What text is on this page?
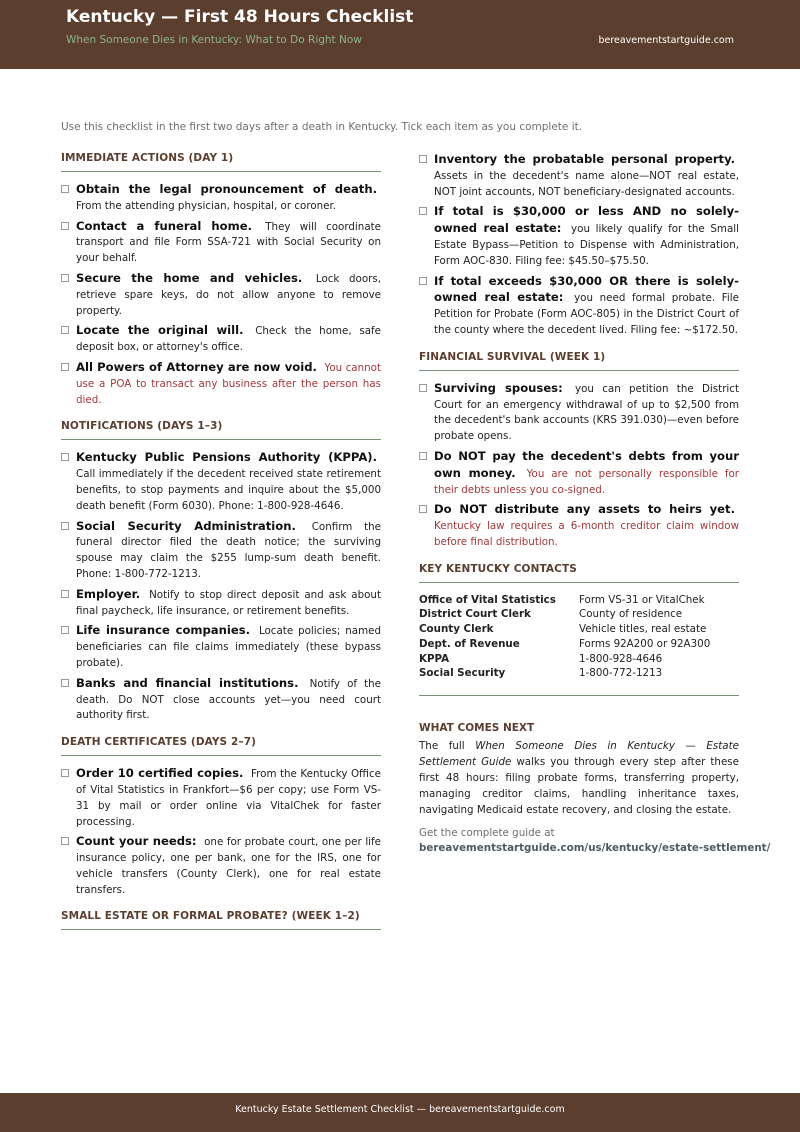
Kentucky — First 48 Hours Checklist
When Someone Dies in Kentucky: What to Do Right Now	bereavementstartguide.com
Use this checklist in the first two days after a death in Kentucky. Tick each item as you complete it.
IMMEDIATE ACTIONS (DAY 1)
Obtain the legal pronouncement of death. From the attending physician, hospital, or coroner.
Contact a funeral home. They will coordinate transport and file Form SSA-721 with Social Security on your behalf.
Secure the home and vehicles. Lock doors, retrieve spare keys, do not allow anyone to remove property.
Locate the original will. Check the home, safe deposit box, or attorney's office.
All Powers of Attorney are now void. You cannot use a POA to transact any business after the person has died.
NOTIFICATIONS (DAYS 1–3)
Kentucky Public Pensions Authority (KPPA). Call immediately if the decedent received state retirement benefits, to stop payments and inquire about the $5,000 death benefit (Form 6030). Phone: 1-800-928-4646.
Social Security Administration. Confirm the funeral director filed the death notice; the surviving spouse may claim the $255 lump-sum death benefit. Phone: 1-800-772-1213.
Employer. Notify to stop direct deposit and ask about final paycheck, life insurance, or retirement benefits.
Life insurance companies. Locate policies; named beneficiaries can file claims immediately (these bypass probate).
Banks and financial institutions. Notify of the death. Do NOT close accounts yet—you need court authority first.
DEATH CERTIFICATES (DAYS 2–7)
Order 10 certified copies. From the Kentucky Office of Vital Statistics in Frankfort—$6 per copy; use Form VS-31 by mail or order online via VitalChek for faster processing.
Count your needs: one for probate court, one per life insurance policy, one per bank, one for the IRS, one for vehicle transfers (County Clerk), one for real estate transfers.
SMALL ESTATE OR FORMAL PROBATE? (WEEK 1–2)
Inventory the probatable personal property. Assets in the decedent's name alone—NOT real estate, NOT joint accounts, NOT beneficiary-designated accounts.
If total is $30,000 or less AND no solely-owned real estate: you likely qualify for the Small Estate Bypass—Petition to Dispense with Administration, Form AOC-830. Filing fee: $45.50–$75.50.
If total exceeds $30,000 OR there is solely-owned real estate: you need formal probate. File Petition for Probate (Form AOC-805) in the District Court of the county where the decedent lived. Filing fee: ~$172.50.
FINANCIAL SURVIVAL (WEEK 1)
Surviving spouses: you can petition the District Court for an emergency withdrawal of up to $2,500 from the decedent's bank accounts (KRS 391.030)—even before probate opens.
Do NOT pay the decedent's debts from your own money. You are not personally responsible for their debts unless you co-signed.
Do NOT distribute any assets to heirs yet. Kentucky law requires a 6-month creditor claim window before final distribution.
KEY KENTUCKY CONTACTS
Office of Vital Statistics	Form VS-31 or VitalChek
District Court Clerk	County of residence
County Clerk	Vehicle titles, real estate
Dept. of Revenue	Forms 92A200 or 92A300
KPPA	1-800-928-4646
Social Security	1-800-772-1213
WHAT COMES NEXT
The full When Someone Dies in Kentucky — Estate Settlement Guide walks you through every step after these first 48 hours: filing probate forms, transferring property, managing creditor claims, handling inheritance taxes, navigating Medicaid estate recovery, and closing the estate.
Get the complete guide at
bereavementstartguide.com/us/kentucky/estate-settlement/
Kentucky Estate Settlement Checklist — bereavementstartguide.com
